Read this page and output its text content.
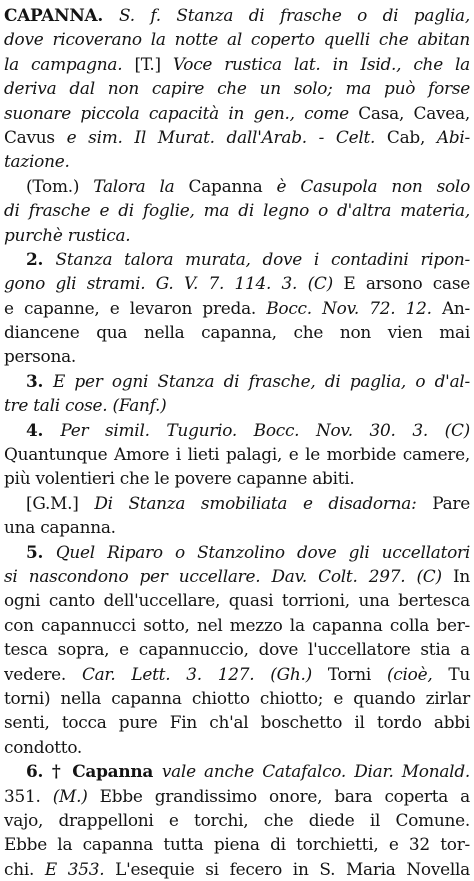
CAPANNA. S. f. Stanza di frasche o di paglia,
dove ricoverano la notte al coperto quelli che abitan
la campagna. [T.] Voce rustica lat. in Isid., che la
deriva dal non capire che un solo; ma può forse
suonare piccola capacità in gen., come Casa, Cavea,
Cavus e sim. Il Murat. dall'Arab. - Celt. Cab, Abi-
tazione.
(Tom.) Talora la Capanna è Casupola non solo
di frasche e di foglie, ma di legno o d'altra materia,
purchè rustica.
2. Stanza talora murata, dove i contadini ripon-
gono gli strami. G. V. 7. 114. 3. (C) E arsono case
e capanne, e levaron preda. Bocc. Nov. 72. 12. An-
diancene qua nella capanna, che non vien mai
persona.
3. E per ogni Stanza di frasche, di paglia, o d'al-
tre tali cose. (Fanf.)
4. Per simil. Tugurio. Bocc. Nov. 30. 3. (C)
Quantunque Amore i lieti palagi, e le morbide camere,
più volentieri che le povere capanne abiti.
[G.M.] Di Stanza smobiliata e disadorna: Pare
una capanna.
5. Quel Riparo o Stanzolino dove gli uccellatori
si nascondono per uccellare. Dav. Colt. 297. (C) In
ogni canto dell'uccellare, quasi torrioni, una bertesca
con capannucci sotto, nel mezzo la capanna colla ber-
tesca sopra, e capannuccio, dove l'uccellatore stia a
vedere. Car. Lett. 3. 127. (Gh.) Torni (cioè, Tu
torni) nella capanna chiotto chiotto; e quando zirlar
senti, tocca pure Fin ch'al boschetto il tordo abbi
condotto.
6. † Capanna vale anche Catafalco. Diar. Monald.
351. (M.) Ebbe grandissimo onore, bara coperta a
vajo, drappelloni e torchi, che diede il Comune.
Ebbe la capanna tutta piena di torchietti, e 32 tor-
chi. E 353. L'esequie si fecero in S. Maria Novella
